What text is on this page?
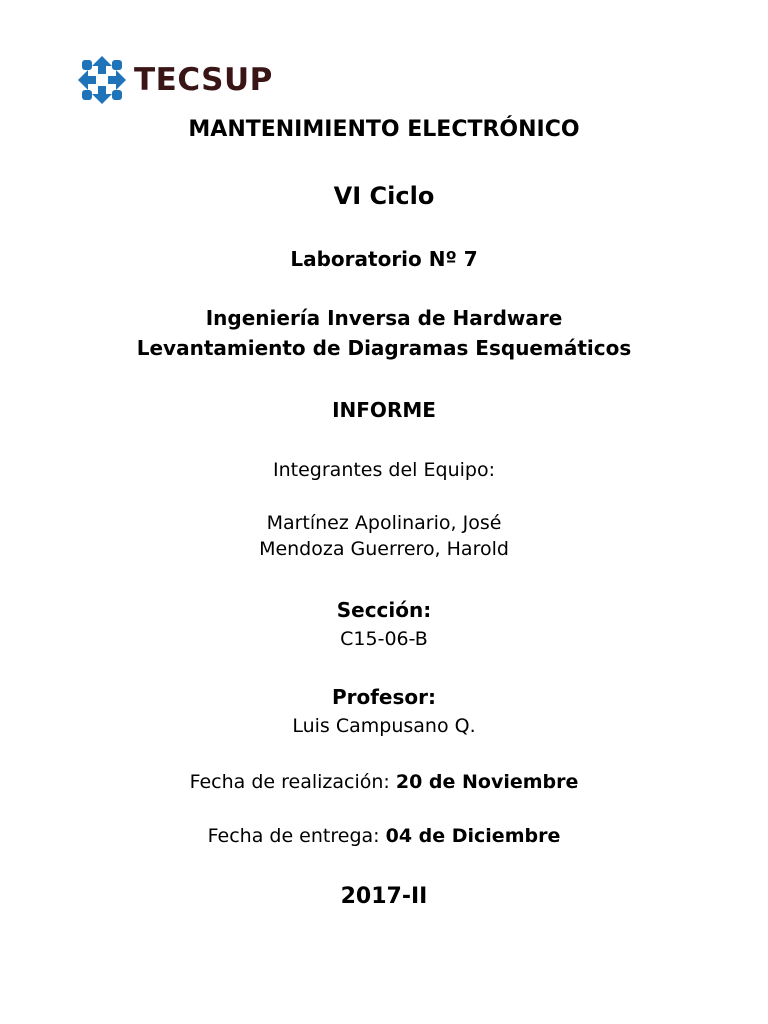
TECSUP
MANTENIMIENTO ELECTRÓNICO
VI Ciclo
Laboratorio Nº 7
Ingeniería Inversa de Hardware
Levantamiento de Diagramas Esquemáticos
INFORME
Integrantes del Equipo:
Martínez Apolinario, José
Mendoza Guerrero, Harold
Sección:
C15-06-B
Profesor:
Luis Campusano Q.
Fecha de realización: 20 de Noviembre
Fecha de entrega: 04 de Diciembre
2017-II
